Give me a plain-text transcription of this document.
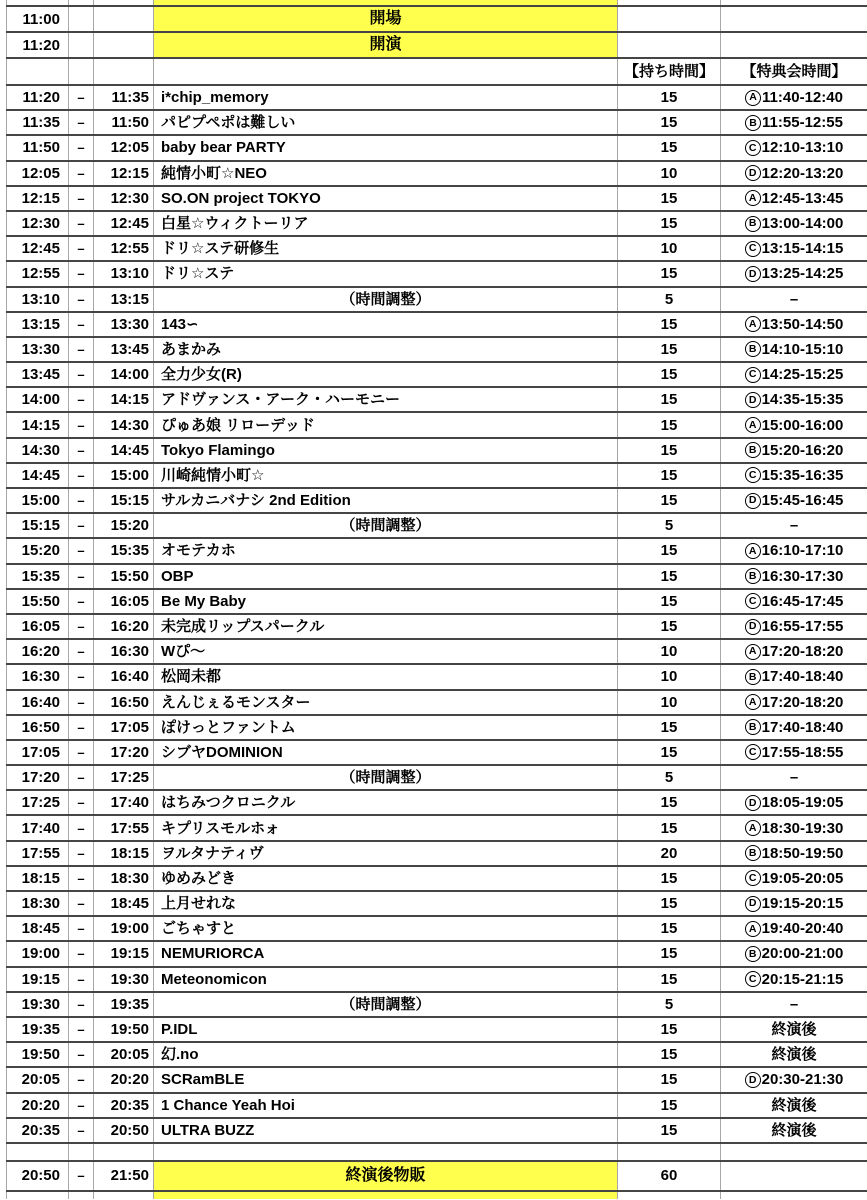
11:00	開場
11:20	開演
【持ち時間】	【特典会時間】
11:20	–	11:35 i*chip_memory	15	A 11:40-12:40
11:35	–	11:50 パピプペポは難しい	15	B 11:55-12:55
11:50	–	12:05 baby bear PARTY	15	C 12:10-13:10
12:05	–	12:15 純情小町☆NEO	10	D 12:20-13:20
12:15	–	12:30 SO.ON project TOKYO	15	A 12:45-13:45
12:30	–	12:45 白星☆ウィクトーリア	15	B 13:00-14:00
12:45	–	12:55 ドリ☆ステ研修生	10	C 13:15-14:15
12:55	–	13:10 ドリ☆ステ	15	D 13:25-14:25
13:10	–	13:15	（時間調整）	5	–
13:15	–	13:30 143∽	15	A 13:50-14:50
13:30	–	13:45 あまかみ	15	B 14:10-15:10
13:45	–	14:00 全力少女(R)	15	C 14:25-15:25
14:00	–	14:15 アドヴァンス・アーク・ハーモニー	15	D 14:35-15:35
14:15	–	14:30 ぴゅあ娘 リローデッド	15	A 15:00-16:00
14:30	–	14:45 Tokyo Flamingo	15	B 15:20-16:20
14:45	–	15:00 川崎純情小町☆	15	C 15:35-16:35
15:00	–	15:15 サルカニバナシ 2nd Edition	15	D 15:45-16:45
15:15	–	15:20	（時間調整）	5	–
15:20	–	15:35 オモテカホ	15	A 16:10-17:10
15:35	–	15:50 OBP	15	B 16:30-17:30
15:50	–	16:05 Be My Baby	15	C 16:45-17:45
16:05	–	16:20 未完成リップスパークル	15	D 16:55-17:55
16:20	–	16:30 Wぴ～	10	A 17:20-18:20
16:30	–	16:40 松岡未都	10	B 17:40-18:40
16:40	–	16:50 えんじぇるモンスター	10	A 17:20-18:20
16:50	–	17:05 ぽけっとファントム	15	B 17:40-18:40
17:05	–	17:20 シブヤDOMINION	15	C 17:55-18:55
17:20	–	17:25	（時間調整）	5	–
17:25	–	17:40 はちみつクロニクル	15	D 18:05-19:05
17:40	–	17:55 キプリスモルホォ	15	A 18:30-19:30
17:55	–	18:15 ヲルタナティヴ	20	B 18:50-19:50
18:15	–	18:30 ゆめみどき	15	C 19:05-20:05
18:30	–	18:45 上月せれな	15	D 19:15-20:15
18:45	–	19:00 ごちゃすと	15	A 19:40-20:40
19:00	–	19:15 NEMURIORCA	15	B 20:00-21:00
19:15	–	19:30 Meteonomicon	15	C 20:15-21:15
19:30	–	19:35	（時間調整）	5	–
19:35	–	19:50 P.IDL	15	終演後
19:50	–	20:05 幻.no	15	終演後
20:05	–	20:20 SCRamBLE	15	D 20:30-21:30
20:20	–	20:35 1 Chance Yeah Hoi	15	終演後
20:35	–	20:50 ULTRA BUZZ	15	終演後
20:50	–	21:50	終演後物販	60
